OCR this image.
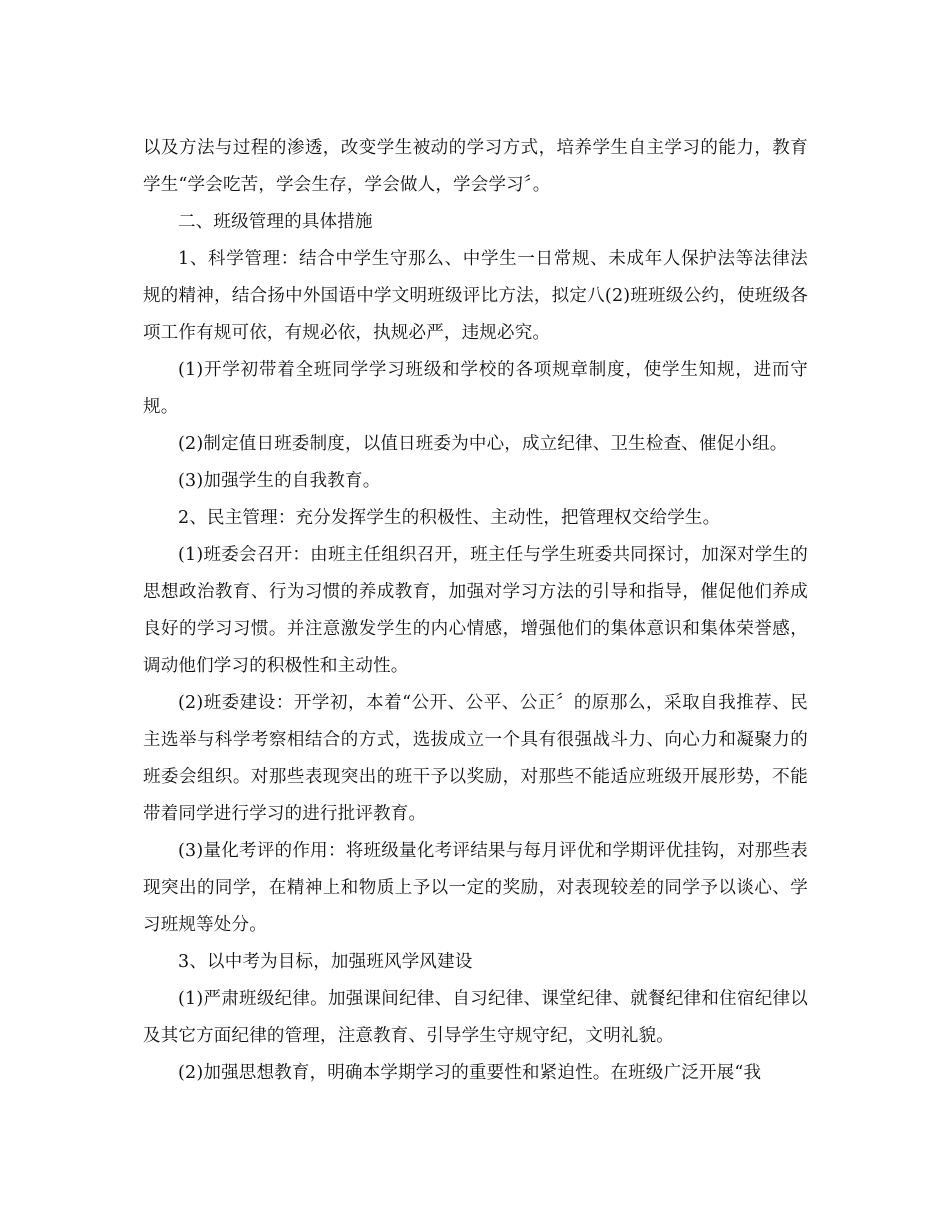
以及方法与过程的渗透，改变学生被动的学习方式，培养学生自主学习的能力，教育学生“学会吃苦，学会生存，学会做人，学会学习〞。

二、班级管理的具体措施

1、科学管理：结合中学生守那么、中学生一日常规、未成年人保护法等法律法规的精神，结合扬中外国语中学文明班级评比方法，拟定八(2)班班级公约，使班级各项工作有规可依，有规必依，执规必严，违规必究。

(1)开学初带着全班同学学习班级和学校的各项规章制度，使学生知规，进而守规。

(2)制定值日班委制度，以值日班委为中心，成立纪律、卫生检查、催促小组。

(3)加强学生的自我教育。

2、民主管理：充分发挥学生的积极性、主动性，把管理权交给学生。

(1)班委会召开：由班主任组织召开，班主任与学生班委共同探讨，加深对学生的思想政治教育、行为习惯的养成教育，加强对学习方法的引导和指导，催促他们养成良好的学习习惯。并注意激发学生的内心情感，增强他们的集体意识和集体荣誉感，调动他们学习的积极性和主动性。

(2)班委建设：开学初，本着“公开、公平、公正〞的原那么，采取自我推荐、民主选举与科学考察相结合的方式，选拔成立一个具有很强战斗力、向心力和凝聚力的班委会组织。对那些表现突出的班干予以奖励，对那些不能适应班级开展形势，不能带着同学进行学习的进行批评教育。

(3)量化考评的作用：将班级量化考评结果与每月评优和学期评优挂钩，对那些表现突出的同学，在精神上和物质上予以一定的奖励，对表现较差的同学予以谈心、学习班规等处分。

3、以中考为目标，加强班风学风建设

(1)严肃班级纪律。加强课间纪律、自习纪律、课堂纪律、就餐纪律和住宿纪律以及其它方面纪律的管理，注意教育、引导学生守规守纪，文明礼貌。

(2)加强思想教育，明确本学期学习的重要性和紧迫性。在班级广泛开展“我
